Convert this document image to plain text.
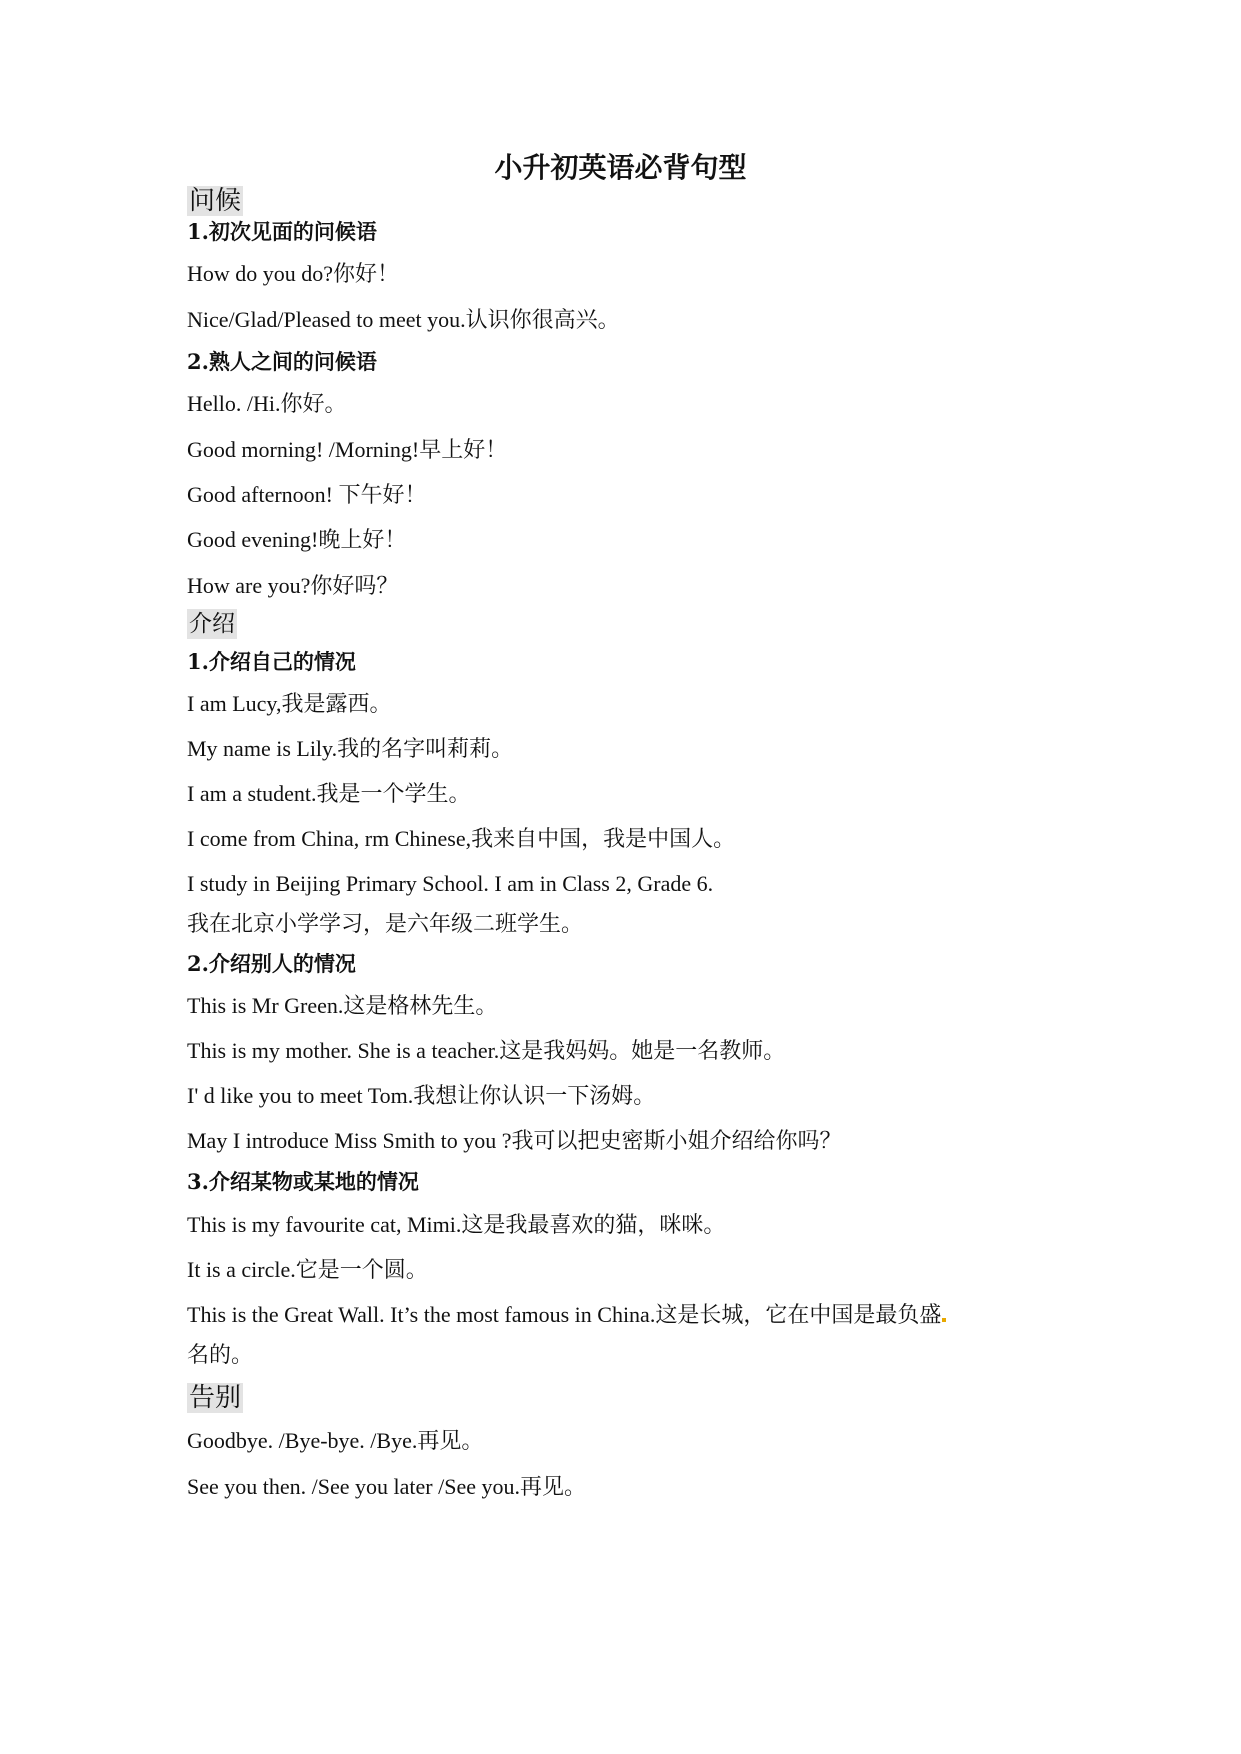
小升初英语必背句型
问候
1.初次见面的问候语
How do you do?你好！
Nice/Glad/Pleased to meet you.认识你很高兴。
2.熟人之间的问候语
Hello. /Hi.你好。
Good morning! /Morning!早上好！
Good afternoon! 下午好！
Good evening!晚上好！
How are you?你好吗？
介绍
1.介绍自己的情况
I am Lucy,我是露西。
My name is Lily.我的名字叫莉莉。
I am a student.我是一个学生。
I come from China, rm Chinese,我来自中国，我是中国人。
I study in Beijing Primary School. I am in Class 2, Grade 6.
我在北京小学学习，是六年级二班学生。
2.介绍别人的情况
This is Mr Green.这是格林先生。
This is my mother. She is a teacher.这是我妈妈。她是一名教师。
I' d like you to meet Tom.我想让你认识一下汤姆。
May I introduce Miss Smith to you ?我可以把史密斯小姐介绍给你吗？
3.介绍某物或某地的情况
This is my favourite cat, Mimi.这是我最喜欢的猫，咪咪。
It is a circle.它是一个圆。
This is the Great Wall. It’s the most famous in China.这是长城，它在中国是最负盛
名的。
告别
Goodbye. /Bye-bye. /Bye.再见。
See you then. /See you later /See you.再见。
